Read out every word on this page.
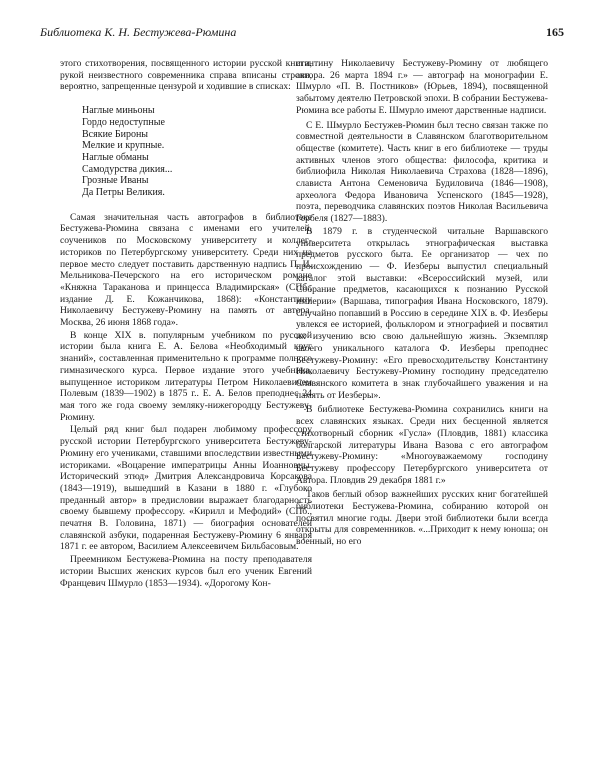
Библиотека К. Н. Бестужева-Рюмина	165

этого стихотворения, посвященного истории русской книги, рукой неизвестного современника справа вписаны строки, вероятно, запрещенные цензурой и ходившие в списках:

Наглые миньоны
Гордо недоступные
Всякие Бироны
Мелкие и крупные.
Наглые обманы
Самодурства дикия...
Грозные Иваны
Да Петры Великия.

Самая значительная часть автографов в библиотеке Бестужева-Рюмина связана с именами его учителей, соучеников по Московскому университету и коллег-историков по Петербургскому университету. Среди них на первое место следует поставить дарственную надпись П. И. Мельникова-Печерского на его историческом романе «Княжна Тараканова и принцесса Владимирская» (СПб., издание Д. Е. Кожанчикова, 1868): «Константину Николаевичу Бестужеву-Рюмину на память от автора. Москва, 26 июня 1868 года».

В конце XIX в. популярным учебником по русской истории была книга Е. А. Белова «Необходимый круг знаний», составленная применительно к программе полного гимназического курса. Первое издание этого учебника, выпущенное историком литературы Петром Николаевичем Полевым (1839—1902) в 1875 г.. Е. А. Белов преподнес 24 мая того же года своему земляку-нижегородцу Бестужеву-Рюмину.

Целый ряд книг был подарен любимому профессору русской истории Петербургского университета Бестужеву-Рюмину его учениками, ставшими впоследствии известными историками. «Воцарение императрицы Анны Иоанновны. Исторический этюд» Дмитрия Александровича Корсакова (1843—1919), вышедший в Казани в 1880 г. «Глубоко преданный автор» в предисловии выражает благодарность своему бывшему профессору. «Кирилл и Мефодий» (СПб., печатня В. Головина, 1871) — биография основателей славянской азбуки, подаренная Бестужеву-Рюмину 6 января 1871 г. ее автором, Василием Алексеевичем Бильбасовым.

Преемником Бестужева-Рюмина на посту преподавателя истории Высших женских курсов был его ученик Евгений Францевич Шмурло (1853—1934). «Дорогому Кон-

стантину Николаевичу Бестужеву-Рюмину от любящего автора. 26 марта 1894 г.» — автограф на монографии Е. Шмурло «П. В. Постников» (Юрьев, 1894), посвященной забытому деятелю Петровской эпохи. В собрании Бестужева-Рюмина все работы Е. Шмурло имеют дарственные надписи.

С Е. Шмурло Бестужев-Рюмин был тесно связан также по совместной деятельности в Славянском благотворительном обществе (комитете). Часть книг в его библиотеке — труды активных членов этого общества: философа, критика и библиофила Николая Николаевича Страхова (1828—1896), слависта Антона Семеновича Будиловича (1846—1908), археолога Федора Ивановича Успенского (1845—1928), поэта, переводчика славянских поэтов Николая Васильевича Гербеля (1827—1883).

В 1879 г. в студенческой читальне Варшавского университета открылась этнографическая выставка предметов русского быта. Ее организатор — чех по происхождению — Ф. Иезберы выпустил специальный каталог этой выставки: «Всероссийский музей, или Собрание предметов, касающихся к познанию Русской империи» (Варшава, типография Ивана Носковского, 1879). Случайно попавший в Россию в середине XIX в. Ф. Иезберы увлекся ее историей, фольклором и этнографией и посвятил их изучению всю свою дальнейшую жизнь. Экземпляр своего уникального каталога Ф. Иезберы преподнес Бестужеву-Рюмину: «Его превосходительству Константину Николаевичу Бестужеву-Рюмину господину председателю Славянского комитета в знак глубочайшего уважения и на память от Иезберы».

В библиотеке Бестужева-Рюмина сохранились книги на всех славянских языках. Среди них бесценной является стихотворный сборник «Гусла» (Пловдив, 1881) классика болгарской литературы Ивана Вазова с его автографом Бестужеву-Рюмину: «Многоуважаемому господину Бестужеву профессору Петербургского университета от Автора. Пловдив 29 декабря 1881 г.»

Таков беглый обзор важнейших русских книг богатейшей библиотеки Бестужева-Рюмина, собиранию которой он посвятил многие годы. Двери этой библиотеки были всегда открыты для современников. «...Приходит к нему юноша; он военный, но его
